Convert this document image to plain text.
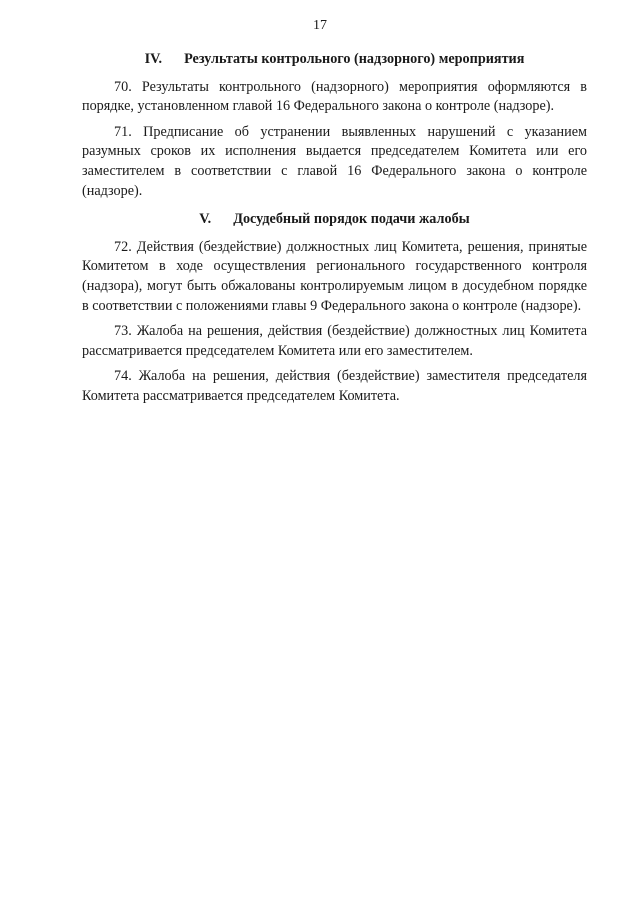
17
IV. Результаты контрольного (надзорного) мероприятия

70. Результаты контрольного (надзорного) мероприятия оформляются в порядке, установленном главой 16 Федерального закона о контроле (надзоре).

71. Предписание об устранении выявленных нарушений с указанием разумных сроков их исполнения выдается председателем Комитета или его заместителем в соответствии с главой 16 Федерального закона о контроле (надзоре).

V. Досудебный порядок подачи жалобы

72. Действия (бездействие) должностных лиц Комитета, решения, принятые Комитетом в ходе осуществления регионального государственного контроля (надзора), могут быть обжалованы контролируемым лицом в досудебном порядке в соответствии с положениями главы 9 Федерального закона о контроле (надзоре).

73. Жалоба на решения, действия (бездействие) должностных лиц Комитета рассматривается председателем Комитета или его заместителем.

74. Жалоба на решения, действия (бездействие) заместителя председателя Комитета рассматривается председателем Комитета.
